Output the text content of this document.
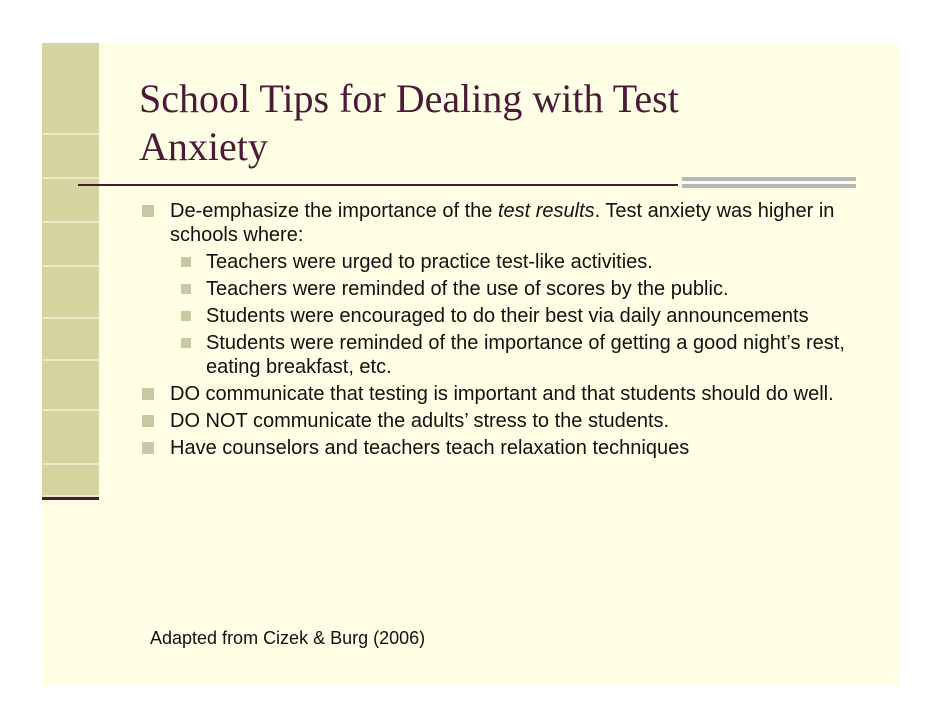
School Tips for Dealing with Test
Anxiety

De-emphasize the importance of the test results. Test anxiety was higher in schools where:

Teachers were urged to practice test-like activities.

Teachers were reminded of the use of scores by the public.

Students were encouraged to do their best via daily announcements

Students were reminded of the importance of getting a good night’s rest, eating breakfast, etc.

DO communicate that testing is important and that students should do well.

DO NOT communicate the adults’ stress to the students.

Have counselors and teachers teach relaxation techniques

Adapted from Cizek & Burg (2006)
